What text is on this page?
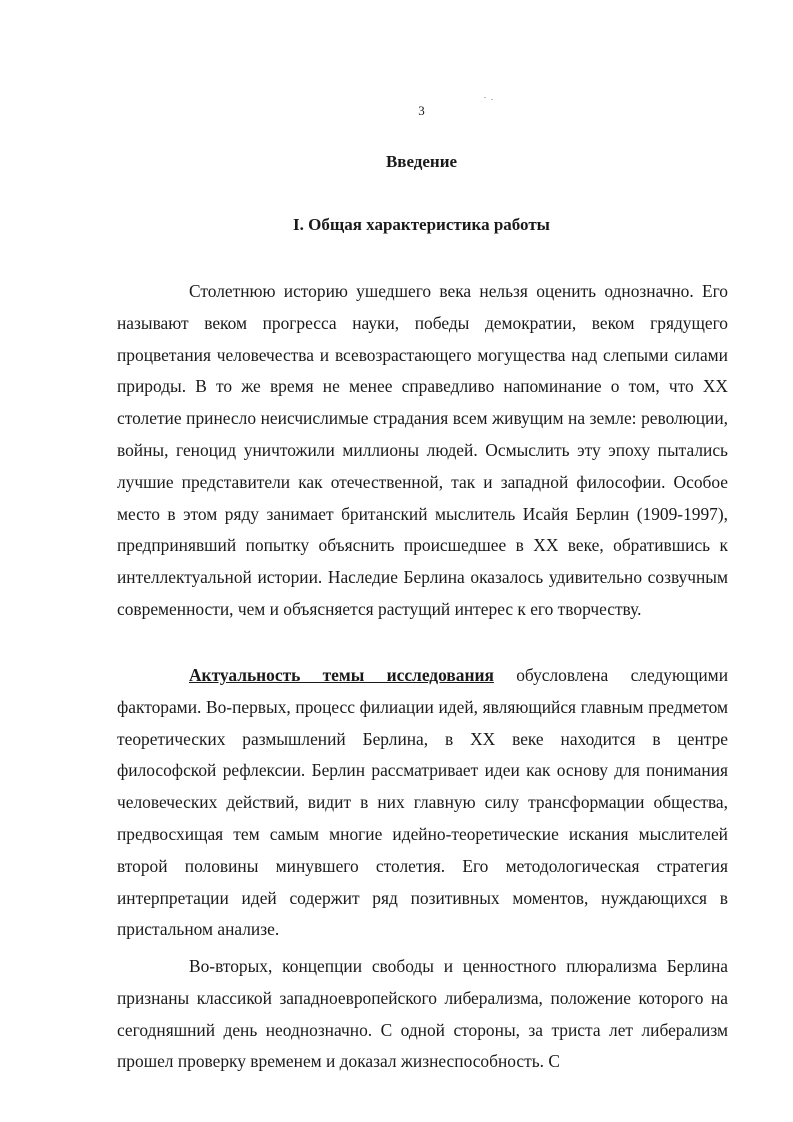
3
Введение
I. Общая характеристика работы

Столетнюю историю ушедшего века нельзя оценить однозначно. Его называют веком прогресса науки, победы демократии, веком грядущего процветания человечества и всевозрастающего могущества над слепыми силами природы. В то же время не менее справедливо напоминание о том, что XX столетие принесло неисчислимые страдания всем живущим на земле: революции, войны, геноцид уничтожили миллионы людей. Осмыслить эту эпоху пытались лучшие представители как отечественной, так и западной философии. Особое место в этом ряду занимает британский мыслитель Исайя Берлин (1909-1997), предпринявший попытку объяснить происшедшее в XX веке, обратившись к интеллектуальной истории. Наследие Берлина оказалось удивительно созвучным современности, чем и объясняется растущий интерес к его творчеству.

Актуальность темы исследования обусловлена следующими факторами. Во-первых, процесс филиации идей, являющийся главным предметом теоретических размышлений Берлина, в XX веке находится в центре философской рефлексии. Берлин рассматривает идеи как основу для понимания человеческих действий, видит в них главную силу трансформации общества, предвосхищая тем самым многие идейно-теоретические искания мыслителей второй половины минувшего столетия. Его методологическая стратегия интерпретации идей содержит ряд позитивных моментов, нуждающихся в пристальном анализе.

Во-вторых, концепции свободы и ценностного плюрализма Берлина признаны классикой западноевропейского либерализма, положение которого на сегодняшний день неоднозначно. С одной стороны, за триста лет либерализм прошел проверку временем и доказал жизнеспособность. С
